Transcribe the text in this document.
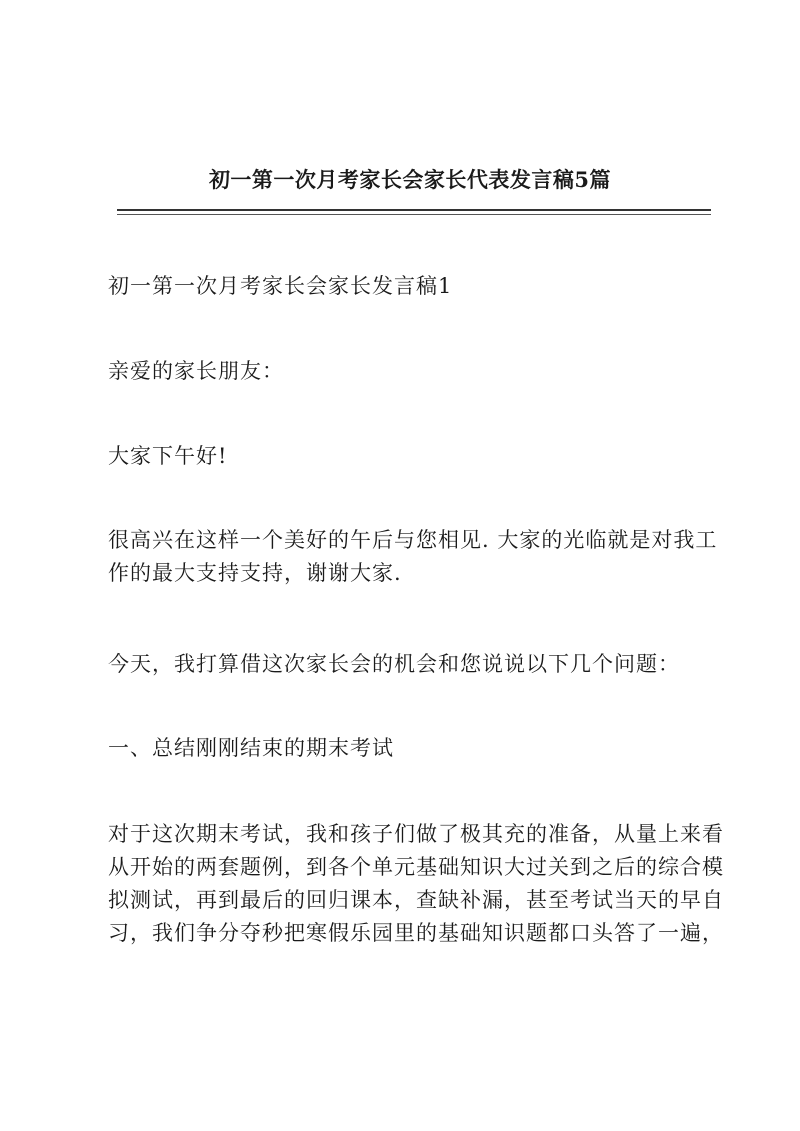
初一第一次月考家长会家长代表发言稿5篇

初一第一次月考家长会家长发言稿1

亲爱的家长朋友：

大家下午好!

很高兴在这样一个美好的午后与您相见. 大家的光临就是对我工
作的最大支持支持，谢谢大家.

今天，我打算借这次家长会的机会和您说说以下几个问题：

一、总结刚刚结束的期末考试

对于这次期末考试，我和孩子们做了极其充的准备，从量上来看
从开始的两套题例，到各个单元基础知识大过关到之后的综合模
拟测试，再到最后的回归课本，查缺补漏，甚至考试当天的早自
习，我们争分夺秒把寒假乐园里的基础知识题都口头答了一遍，
